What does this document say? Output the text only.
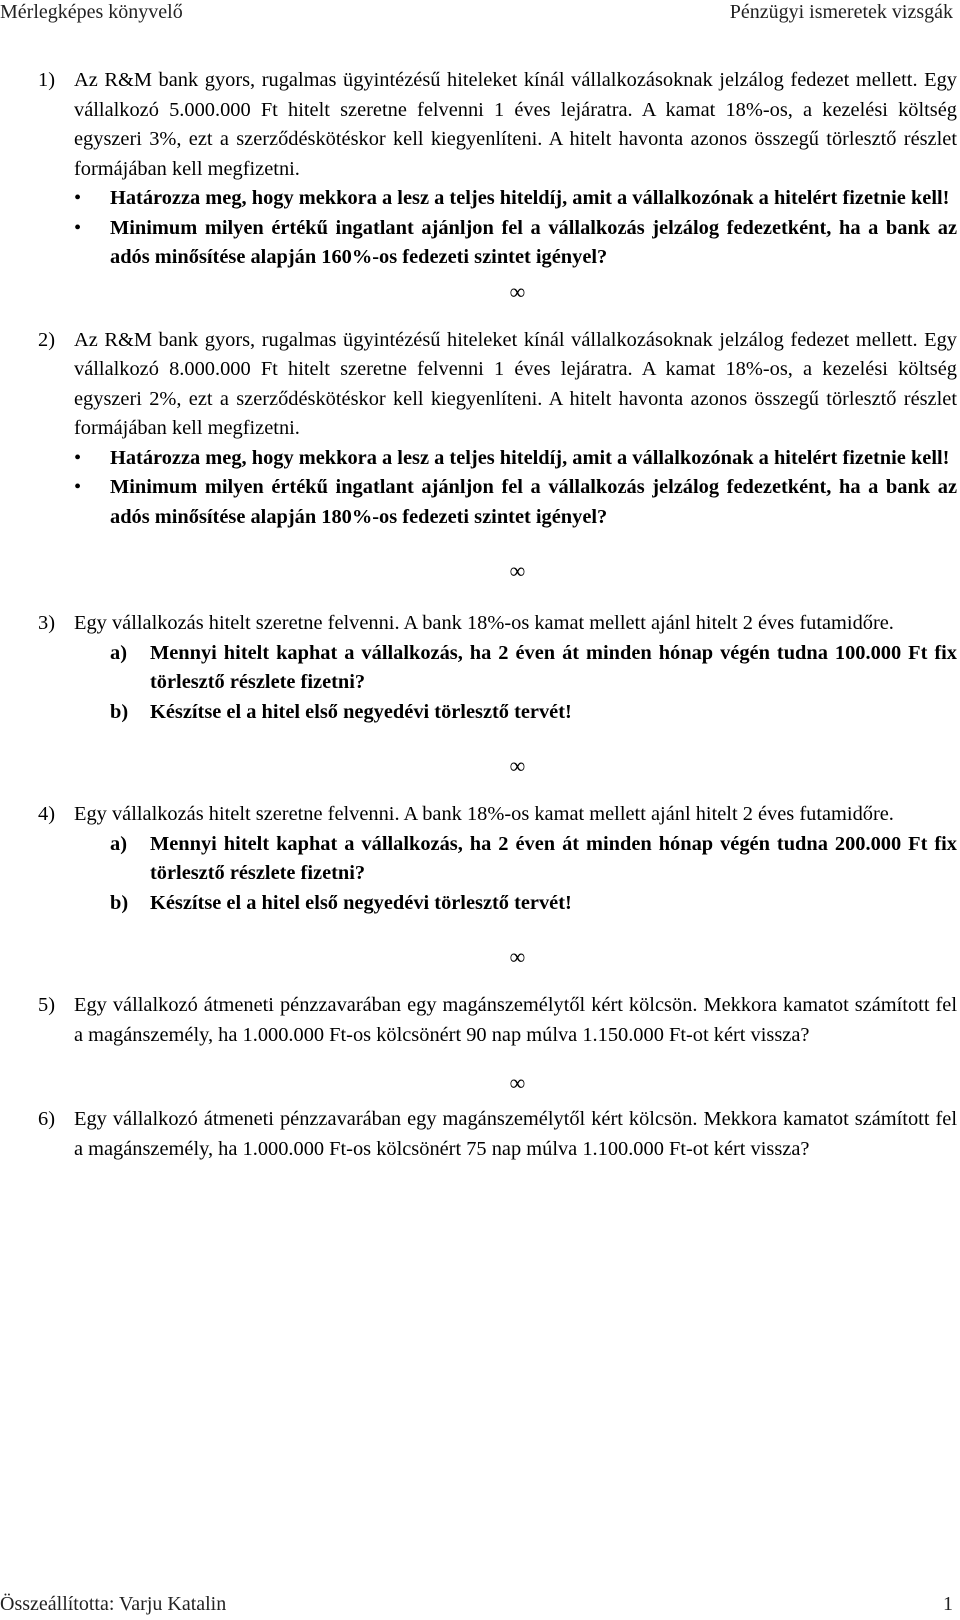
Mérlegképes könyvelő	Pénzügyi ismeretek vizsgák
1) Az R&M bank gyors, rugalmas ügyintézésű hiteleket kínál vállalkozásoknak jelzálog fedezet mellett. Egy vállalkozó 5.000.000 Ft hitelt szeretne felvenni 1 éves lejáratra. A kamat 18%-os, a kezelési költség egyszeri 3%, ezt a szerződéskötéskor kell kiegyenlíteni. A hitelt havonta azonos összegű törlesztő részlet formájában kell megfizetni.
•	Határozza meg, hogy mekkora a lesz a teljes hiteldíj, amit a vállalkozónak a hitelért fizetnie kell!
•	Minimum milyen értékű ingatlant ajánljon fel a vállalkozás jelzálog fedezetként, ha a bank az adós minősítése alapján 160%-os fedezeti szintet igényel?
∞
2) Az R&M bank gyors, rugalmas ügyintézésű hiteleket kínál vállalkozásoknak jelzálog fedezet mellett. Egy vállalkozó 8.000.000 Ft hitelt szeretne felvenni 1 éves lejáratra. A kamat 18%-os, a kezelési költség egyszeri 2%, ezt a szerződéskötéskor kell kiegyenlíteni. A hitelt havonta azonos összegű törlesztő részlet formájában kell megfizetni.
•	Határozza meg, hogy mekkora a lesz a teljes hiteldíj, amit a vállalkozónak a hitelért fizetnie kell!
•	Minimum milyen értékű ingatlant ajánljon fel a vállalkozás jelzálog fedezetként, ha a bank az adós minősítése alapján 180%-os fedezeti szintet igényel?
∞
3) Egy vállalkozás hitelt szeretne felvenni. A bank 18%-os kamat mellett ajánl hitelt 2 éves futamidőre.
a)	Mennyi hitelt kaphat a vállalkozás, ha 2 éven át minden hónap végén tudna 100.000 Ft fix törlesztő részlete fizetni?
b)	Készítse el a hitel első negyedévi törlesztő tervét!
∞
4) Egy vállalkozás hitelt szeretne felvenni. A bank 18%-os kamat mellett ajánl hitelt 2 éves futamidőre.
a)	Mennyi hitelt kaphat a vállalkozás, ha 2 éven át minden hónap végén tudna 200.000 Ft fix törlesztő részlete fizetni?
b)	Készítse el a hitel első negyedévi törlesztő tervét!
∞
5) Egy vállalkozó átmeneti pénzzavarában egy magánszemélytől kért kölcsön. Mekkora kamatot számított fel a magánszemély, ha 1.000.000 Ft-os kölcsönért 90 nap múlva 1.150.000 Ft-ot kért vissza?
∞
6) Egy vállalkozó átmeneti pénzzavarában egy magánszemélytől kért kölcsön. Mekkora kamatot számított fel a magánszemély, ha 1.000.000 Ft-os kölcsönért 75 nap múlva 1.100.000 Ft-ot kért vissza?
Összeállította: Varju Katalin	1
